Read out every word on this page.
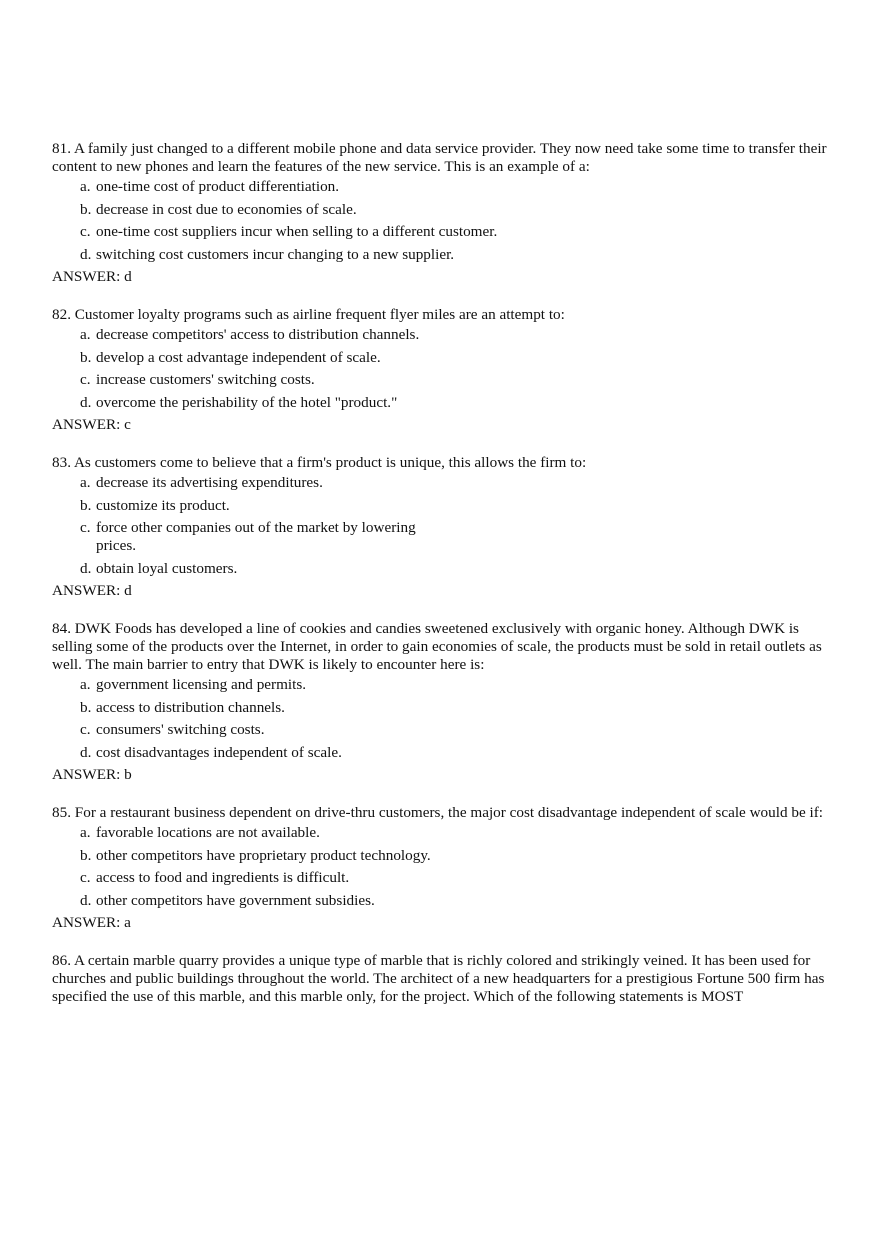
81. A family just changed to a different mobile phone and data service provider. They now need take some time to transfer their content to new phones and learn the features of the new service. This is an example of a:

a. one-time cost of product differentiation.
b. decrease in cost due to economies of scale.
c. one-time cost suppliers incur when selling to a different customer.
d. switching cost customers incur changing to a new supplier.

ANSWER: d

82. Customer loyalty programs such as airline frequent flyer miles are an attempt to:

a. decrease competitors' access to distribution channels.
b. develop a cost advantage independent of scale.
c. increase customers' switching costs.
d. overcome the perishability of the hotel "product."

ANSWER: c

83. As customers come to believe that a firm's product is unique, this allows the firm to:

a. decrease its advertising expenditures.
b. customize its product.
c. force other companies out of the market by lowering prices.
d. obtain loyal customers.

ANSWER: d

84. DWK Foods has developed a line of cookies and candies sweetened exclusively with organic honey. Although DWK is selling some of the products over the Internet, in order to gain economies of scale, the products must be sold in retail outlets as well. The main barrier to entry that DWK is likely to encounter here is:

a. government licensing and permits.
b. access to distribution channels.
c. consumers' switching costs.
d. cost disadvantages independent of scale.

ANSWER: b

85. For a restaurant business dependent on drive-thru customers, the major cost disadvantage independent of scale would be if:

a. favorable locations are not available.
b. other competitors have proprietary product technology.
c. access to food and ingredients is difficult.
d. other competitors have government subsidies.

ANSWER: a

86. A certain marble quarry provides a unique type of marble that is richly colored and strikingly veined. It has been used for churches and public buildings throughout the world. The architect of a new headquarters for a prestigious Fortune 500 firm has specified the use of this marble, and this marble only, for the project. Which of the following statements is MOST
